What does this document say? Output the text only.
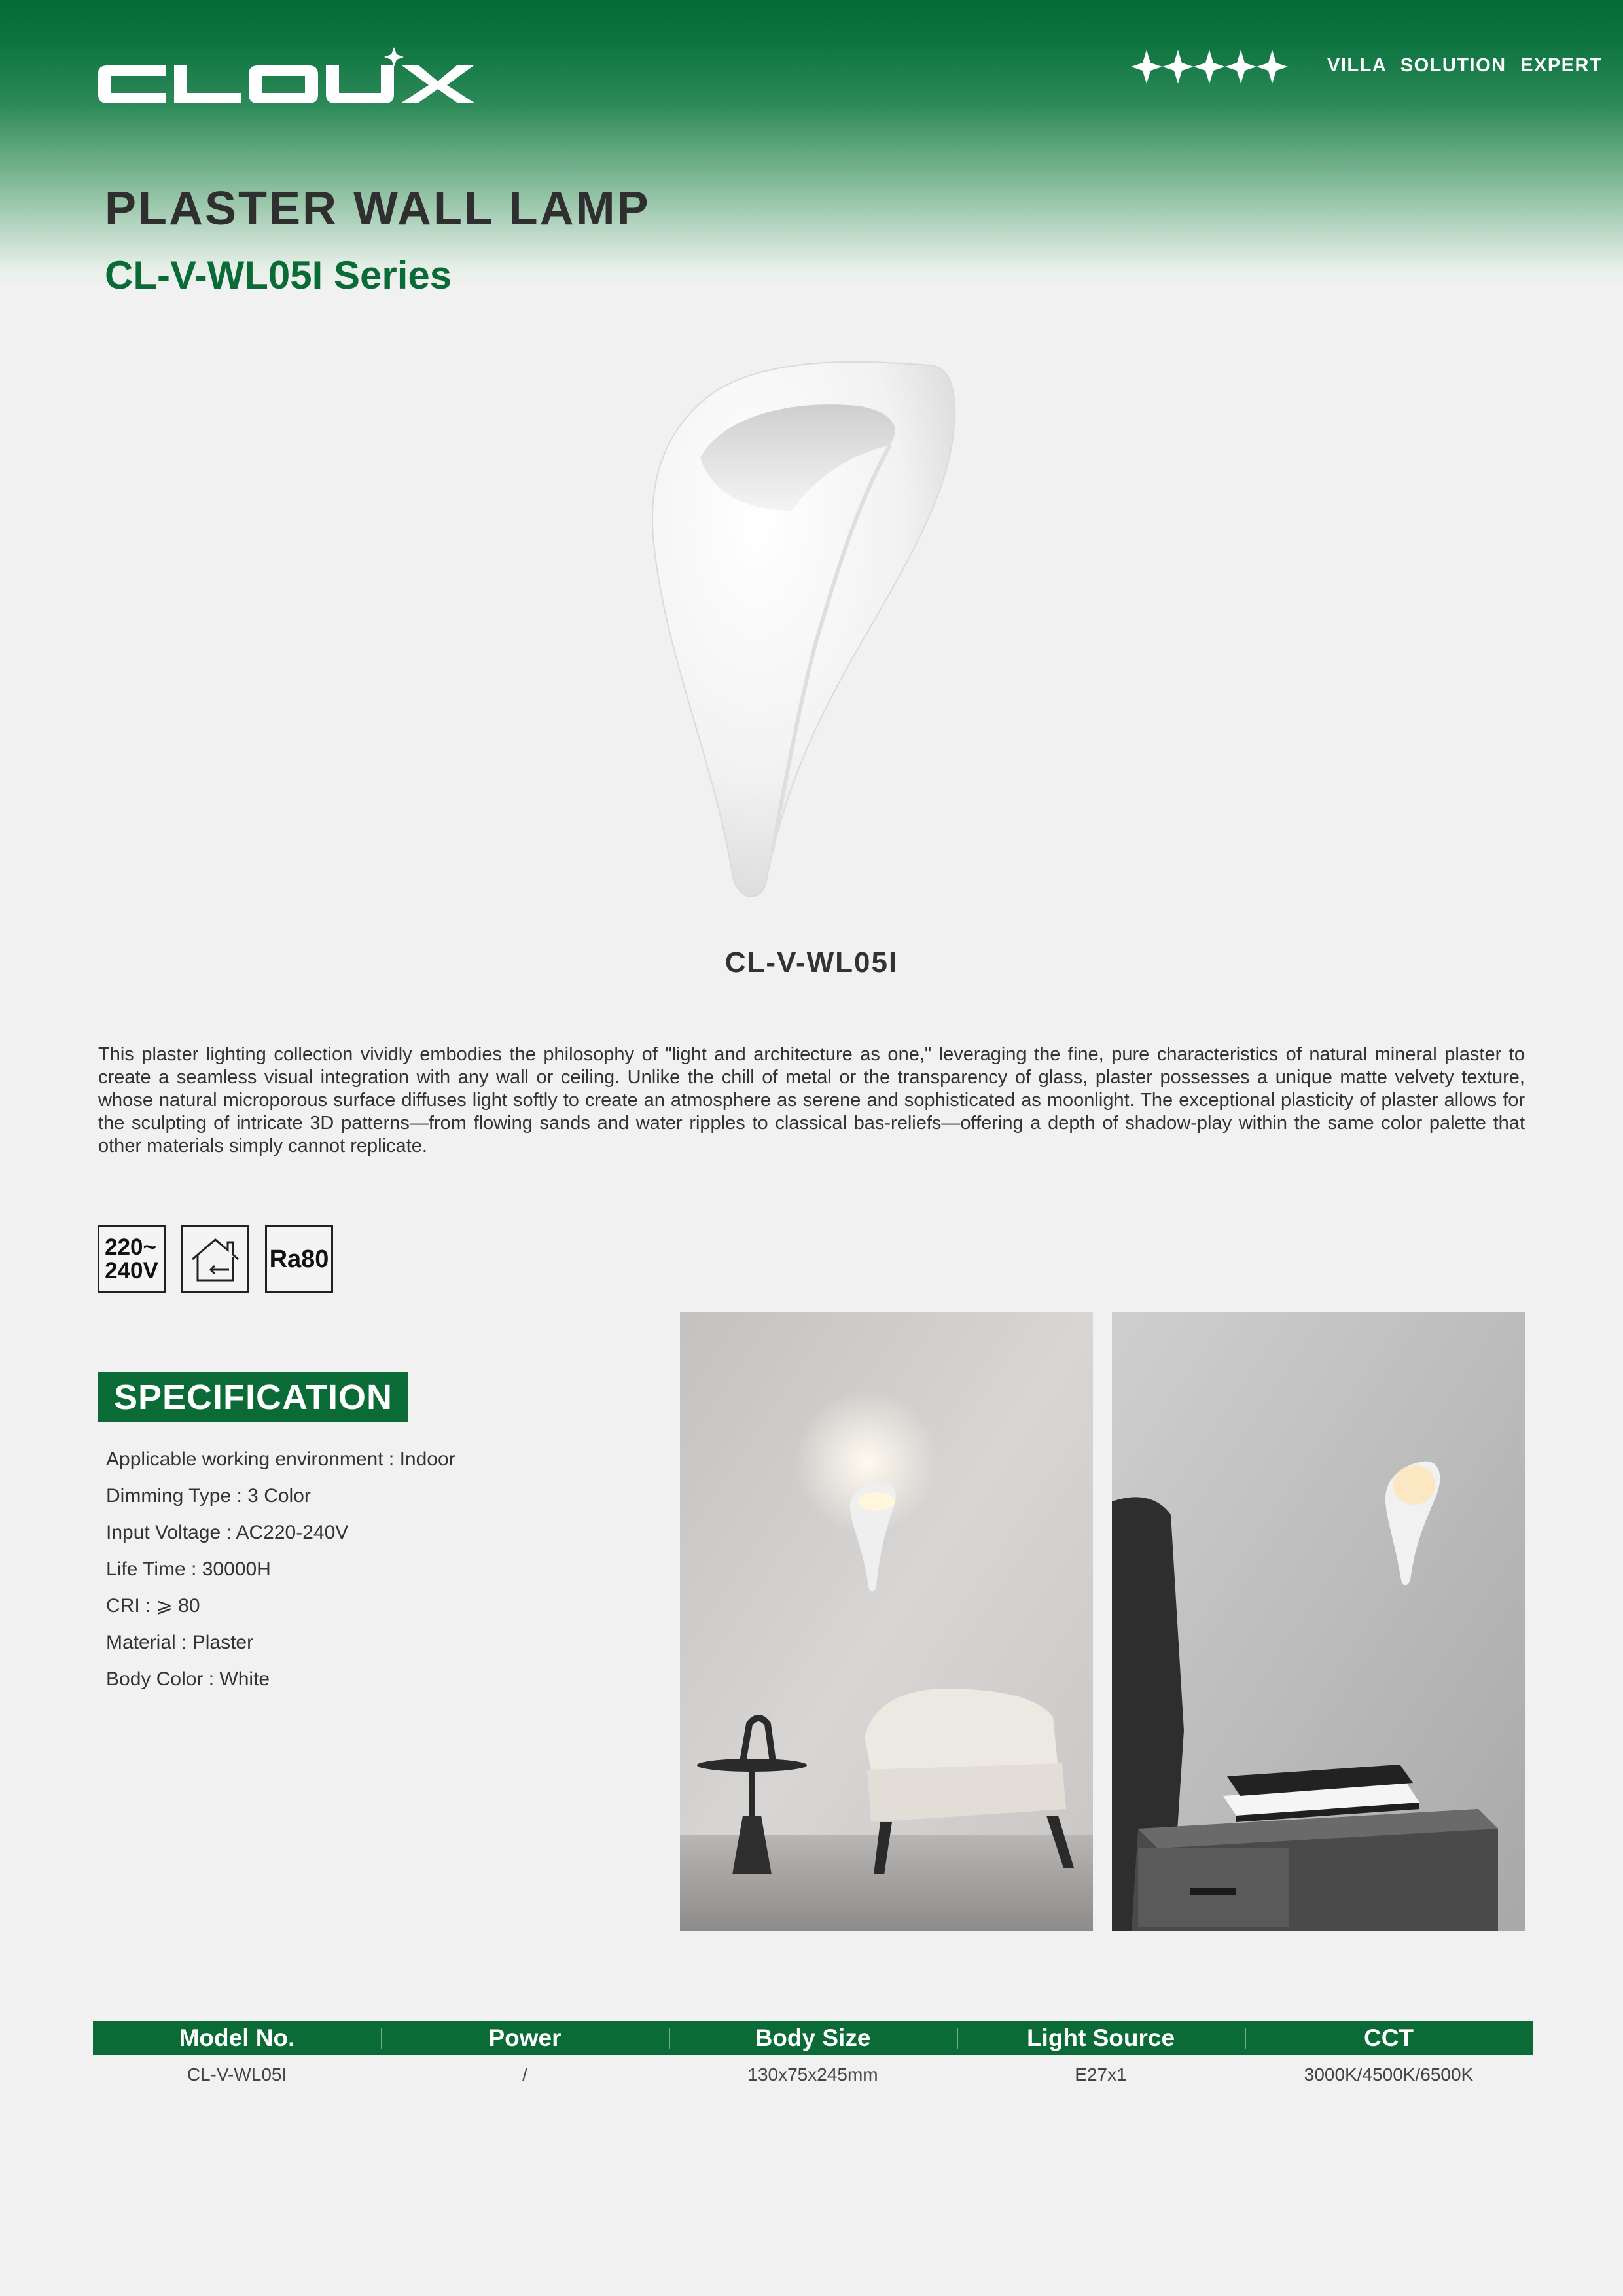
VILLA SOLUTION EXPERT
PLASTER WALL LAMP
CL-V-WL05I Series
CL-V-WL05I

This plaster lighting collection vividly embodies the philosophy of "light and architecture as one," leveraging the fine, pure characteristics of natural mineral plaster to create a seamless visual integration with any wall or ceiling. Unlike the chill of metal or the transparency of glass, plaster possesses a unique matte velvety texture, whose natural microporous surface diffuses light softly to create an atmosphere as serene and sophisticated as moonlight. The exceptional plasticity of plaster allows for the sculpting of intricate 3D patterns—from flowing sands and water ripples to classical bas-reliefs—offering a depth of shadow-play within the same color palette that other materials simply cannot replicate.

220~
240V	Ra80
SPECIFICATION
Applicable working environment : Indoor
Dimming Type : 3 Color
Input Voltage : AC220-240V
Life Time : 30000H
CRI : ⩾ 80
Material : Plaster
Body Color : White
Model No.	Power	Body Size	Light Source	CCT
CL-V-WL05I	/	130x75x245mm	E27x1	3000K/4500K/6500K
